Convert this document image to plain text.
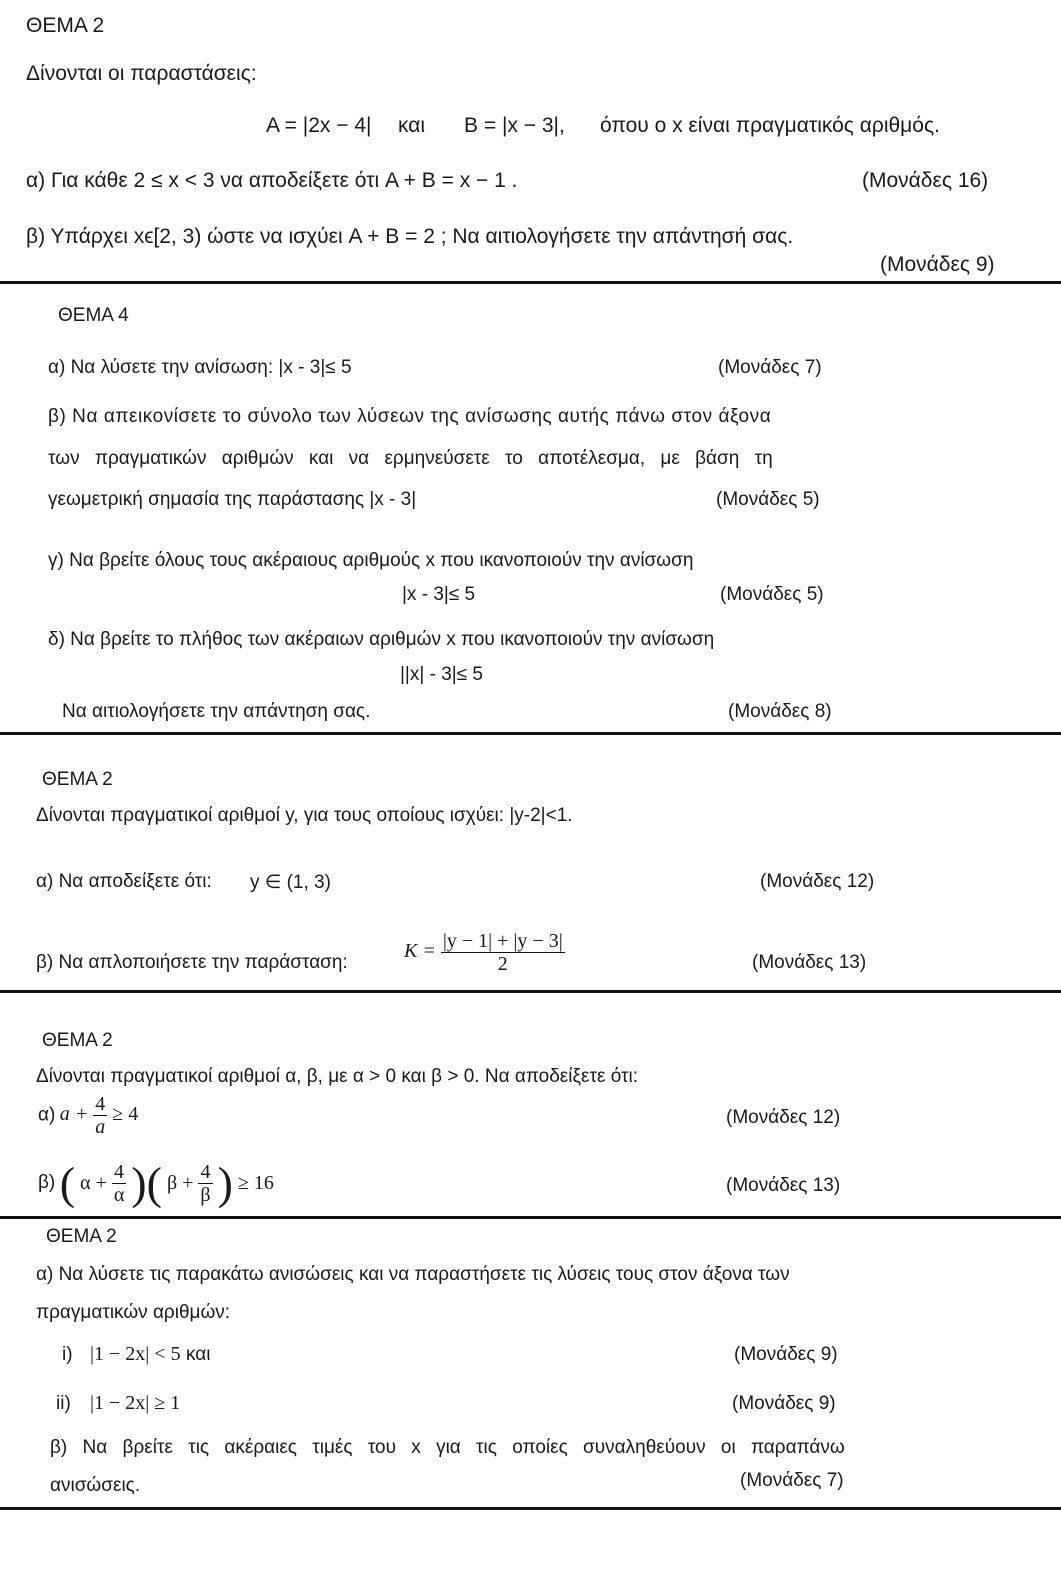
ΘΕΜΑ 2
Δίνονται οι παραστάσεις:
A = |2x − 4| και B = |x − 3|, όπου ο x είναι πραγματικός αριθμός.
α) Για κάθε 2 ≤ x < 3 να αποδείξετε ότι A + B = x − 1 .	(Μονάδες 16)
β) Υπάρχει xϵ[2, 3) ώστε να ισχύει A + B = 2 ; Να αιτιολογήσετε την απάντησή σας.
(Μονάδες 9)
ΘΕΜΑ 4
α) Να λύσετε την ανίσωση: |x - 3|≤ 5	(Μονάδες 7)
β) Να απεικονίσετε το σύνολο των λύσεων της ανίσωσης αυτής πάνω στον άξονα
των πραγματικών αριθμών και να ερμηνεύσετε το αποτέλεσμα, με βάση τη
γεωμετρική σημασία της παράστασης |x - 3|	(Μονάδες 5)
γ) Να βρείτε όλους τους ακέραιους αριθμούς x που ικανοποιούν την ανίσωση
|x - 3|≤ 5	(Μονάδες 5)
δ) Να βρείτε το πλήθος των ακέραιων αριθμών x που ικανοποιούν την ανίσωση
||x| - 3|≤ 5
Να αιτιολογήσετε την απάντηση σας.	(Μονάδες 8)
ΘΕΜΑ 2
Δίνονται πραγματικοί αριθμοί y, για τους οποίους ισχύει: |y-2|<1.
α) Να αποδείξετε ότι: y ∈ (1, 3)	(Μονάδες 12)
β) Να απλοποιήσετε την παράσταση:
$K = \frac{|y - 1| + |y - 3|}{2}$	(Μονάδες 13)
ΘΕΜΑ 2
Δίνονται πραγματικοί αριθμοί α, β, με α > 0 και β > 0. Να αποδείξετε ότι:
α) $a + \frac{4}{a} \ge 4$	(Μονάδες 12)
β) ( $\alpha + \frac{4}{\alpha}$ )( $\beta + \frac{4}{\beta}$ ) ≥ 16	(Μονάδες 13)
ΘΕΜΑ 2
α) Να λύσετε τις παρακάτω ανισώσεις και να παραστήσετε τις λύσεις τους στον άξονα των
πραγματικών αριθμών:
i) |1 − 2x| < 5 και	(Μονάδες 9)
ii) |1 − 2x| ≥ 1	(Μονάδες 9)
β) Να βρείτε τις ακέραιες τιμές του x για τις οποίες συναληθεύουν οι παραπάνω
ανισώσεις.	(Μονάδες 7)
